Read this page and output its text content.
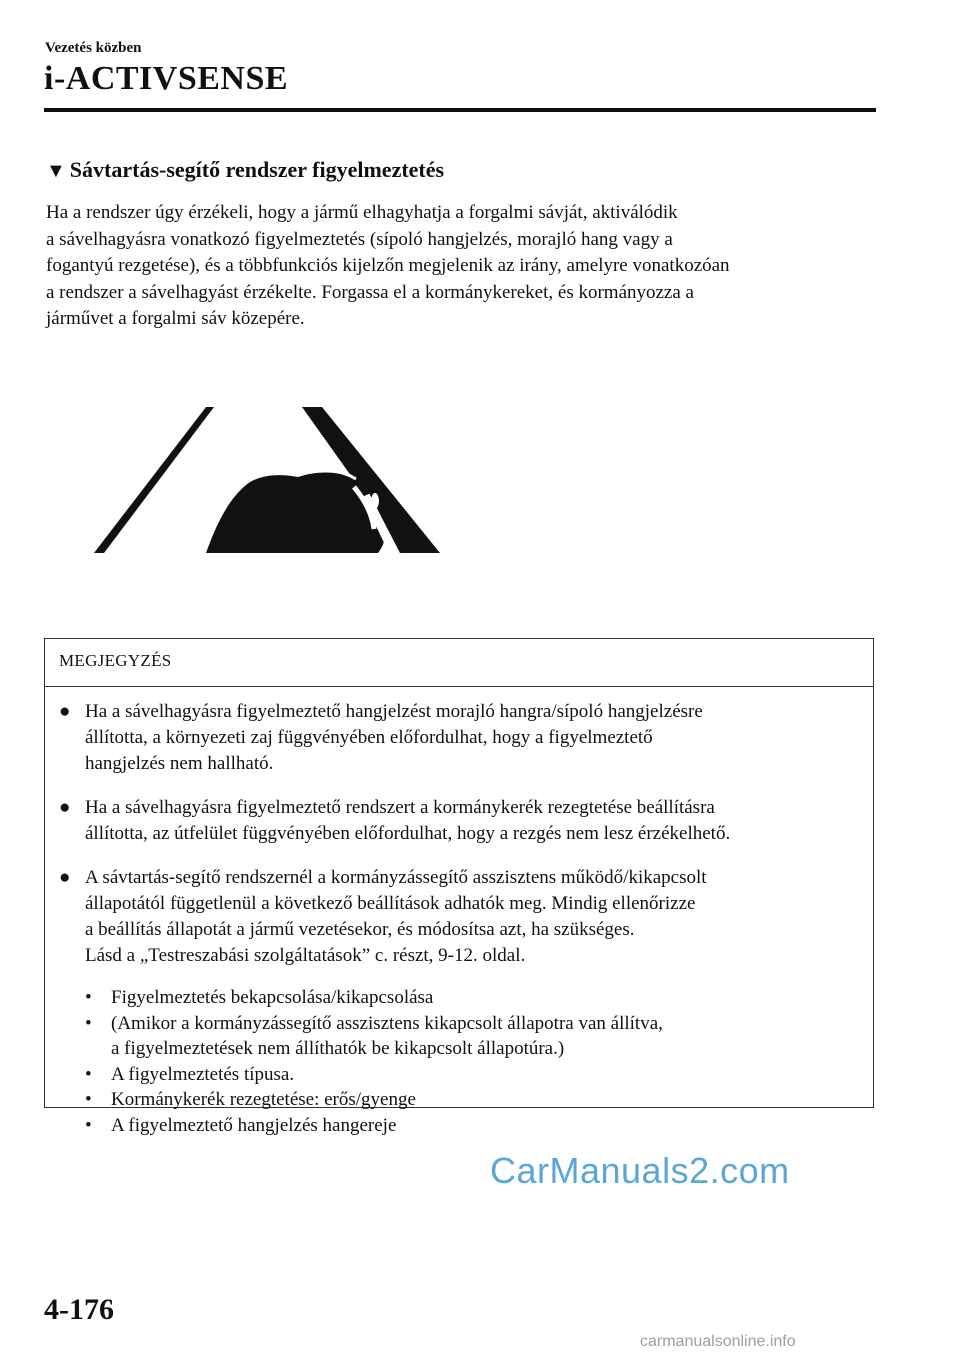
Vezetés közben
i-ACTIVSENSE
▼ Sávtartás-segítő rendszer figyelmeztetés
Ha a rendszer úgy érzékeli, hogy a jármű elhagyhatja a forgalmi sávját, aktiválódik
a sávelhagyásra vonatkozó figyelmeztetés (sípoló hangjelzés, morajló hang vagy a
fogantyú rezgetése), és a többfunkciós kijelzőn megjelenik az irány, amelyre vonatkozóan
a rendszer a sávelhagyást érzékelte. Forgassa el a kormánykereket, és kormányozza a
járművet a forgalmi sáv közepére.
MEGJEGYZÉS
● Ha a sávelhagyásra figyelmeztető hangjelzést morajló hangra/sípoló hangjelzésre
állította, a környezeti zaj függvényében előfordulhat, hogy a figyelmeztető
hangjelzés nem hallható.
● Ha a sávelhagyásra figyelmeztető rendszert a kormánykerék rezegtetése beállításra
állította, az útfelület függvényében előfordulhat, hogy a rezgés nem lesz érzékelhető.
● A sávtartás-segítő rendszernél a kormányzássegítő asszisztens működő/kikapcsolt
állapotától függetlenül a következő beállítások adhatók meg. Mindig ellenőrizze
a beállítás állapotát a jármű vezetésekor, és módosítsa azt, ha szükséges.
Lásd a „Testreszabási szolgáltatások” c. részt, 9-12. oldal.
• Figyelmeztetés bekapcsolása/kikapcsolása
• (Amikor a kormányzássegítő asszisztens kikapcsolt állapotra van állítva,
a figyelmeztetések nem állíthatók be kikapcsolt állapotúra.)
• A figyelmeztetés típusa.
• Kormánykerék rezegtetése: erős/gyenge
• A figyelmeztető hangjelzés hangereje
CarManuals2.com
4-176
carmanualsonline.info
